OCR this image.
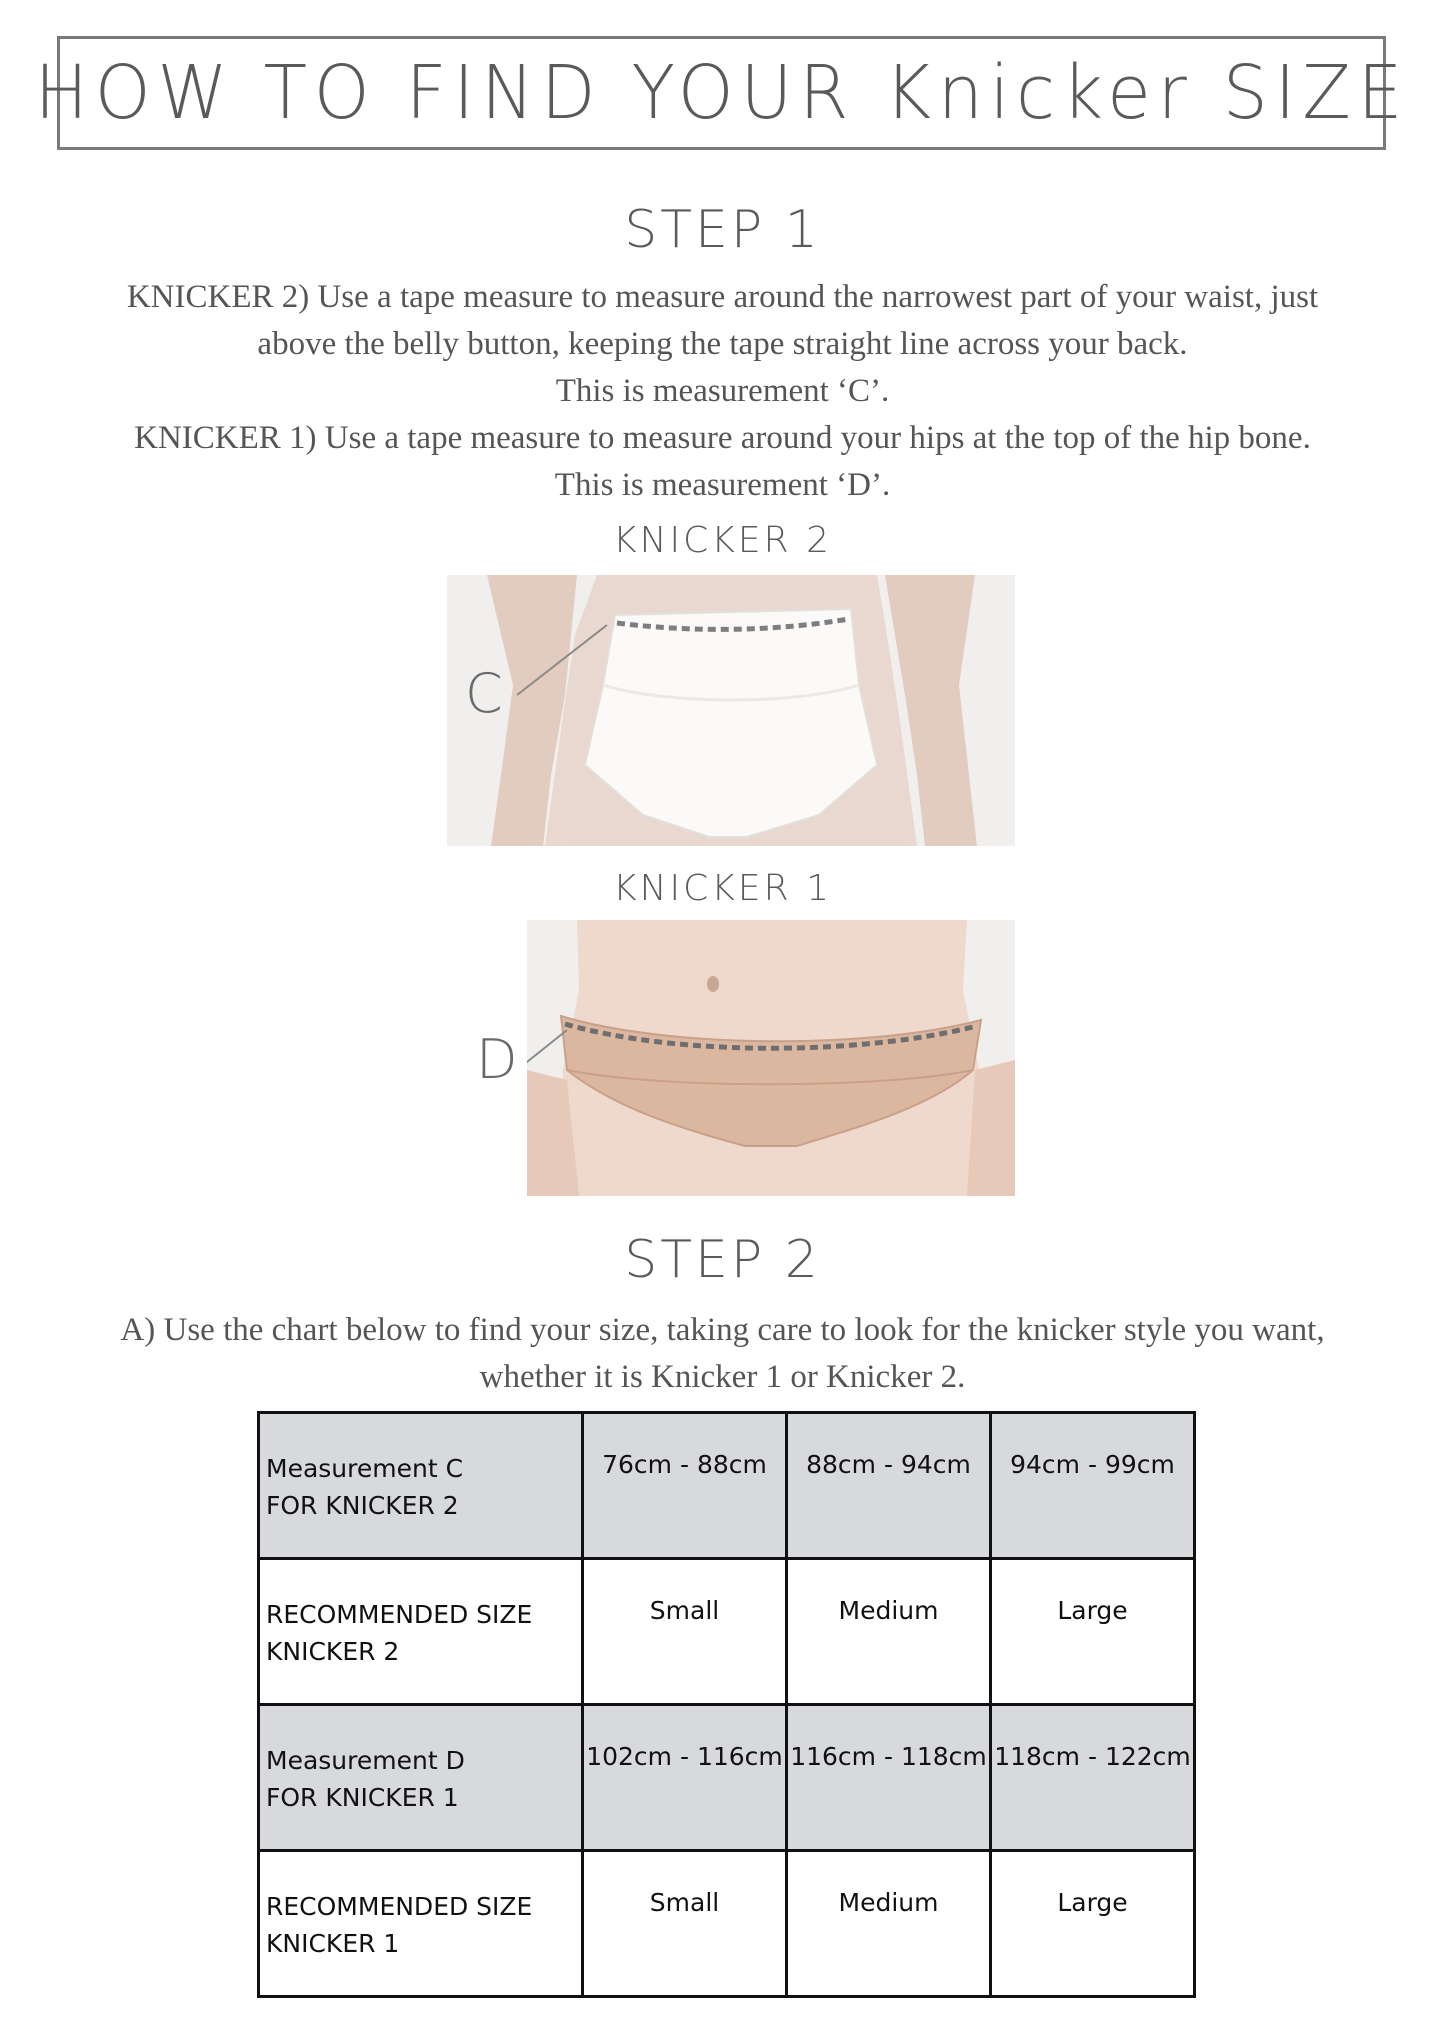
HOW TO FIND YOUR Knicker SIZE
STEP 1

KNICKER 2) Use a tape measure to measure around the narrowest part of your waist, just

above the belly button, keeping the tape straight line across your back.

This is measurement ‘C’.

KNICKER 1) Use a tape measure to measure around your hips at the top of the hip bone.

This is measurement ‘D’.

KNICKER 2
C
KNICKER 1
D
STEP 2

A) Use the chart below to find your size, taking care to look for the knicker style you want,

whether it is Knicker 1 or Knicker 2.

Measurement C
FOR KNICKER 2	76cm - 88cm	88cm - 94cm	94cm - 99cm
RECOMMENDED SIZE
KNICKER 2	Small	Medium	Large
Measurement D
FOR KNICKER 1	102cm - 116cm	116cm - 118cm	118cm - 122cm
RECOMMENDED SIZE
KNICKER 1	Small	Medium	Large
